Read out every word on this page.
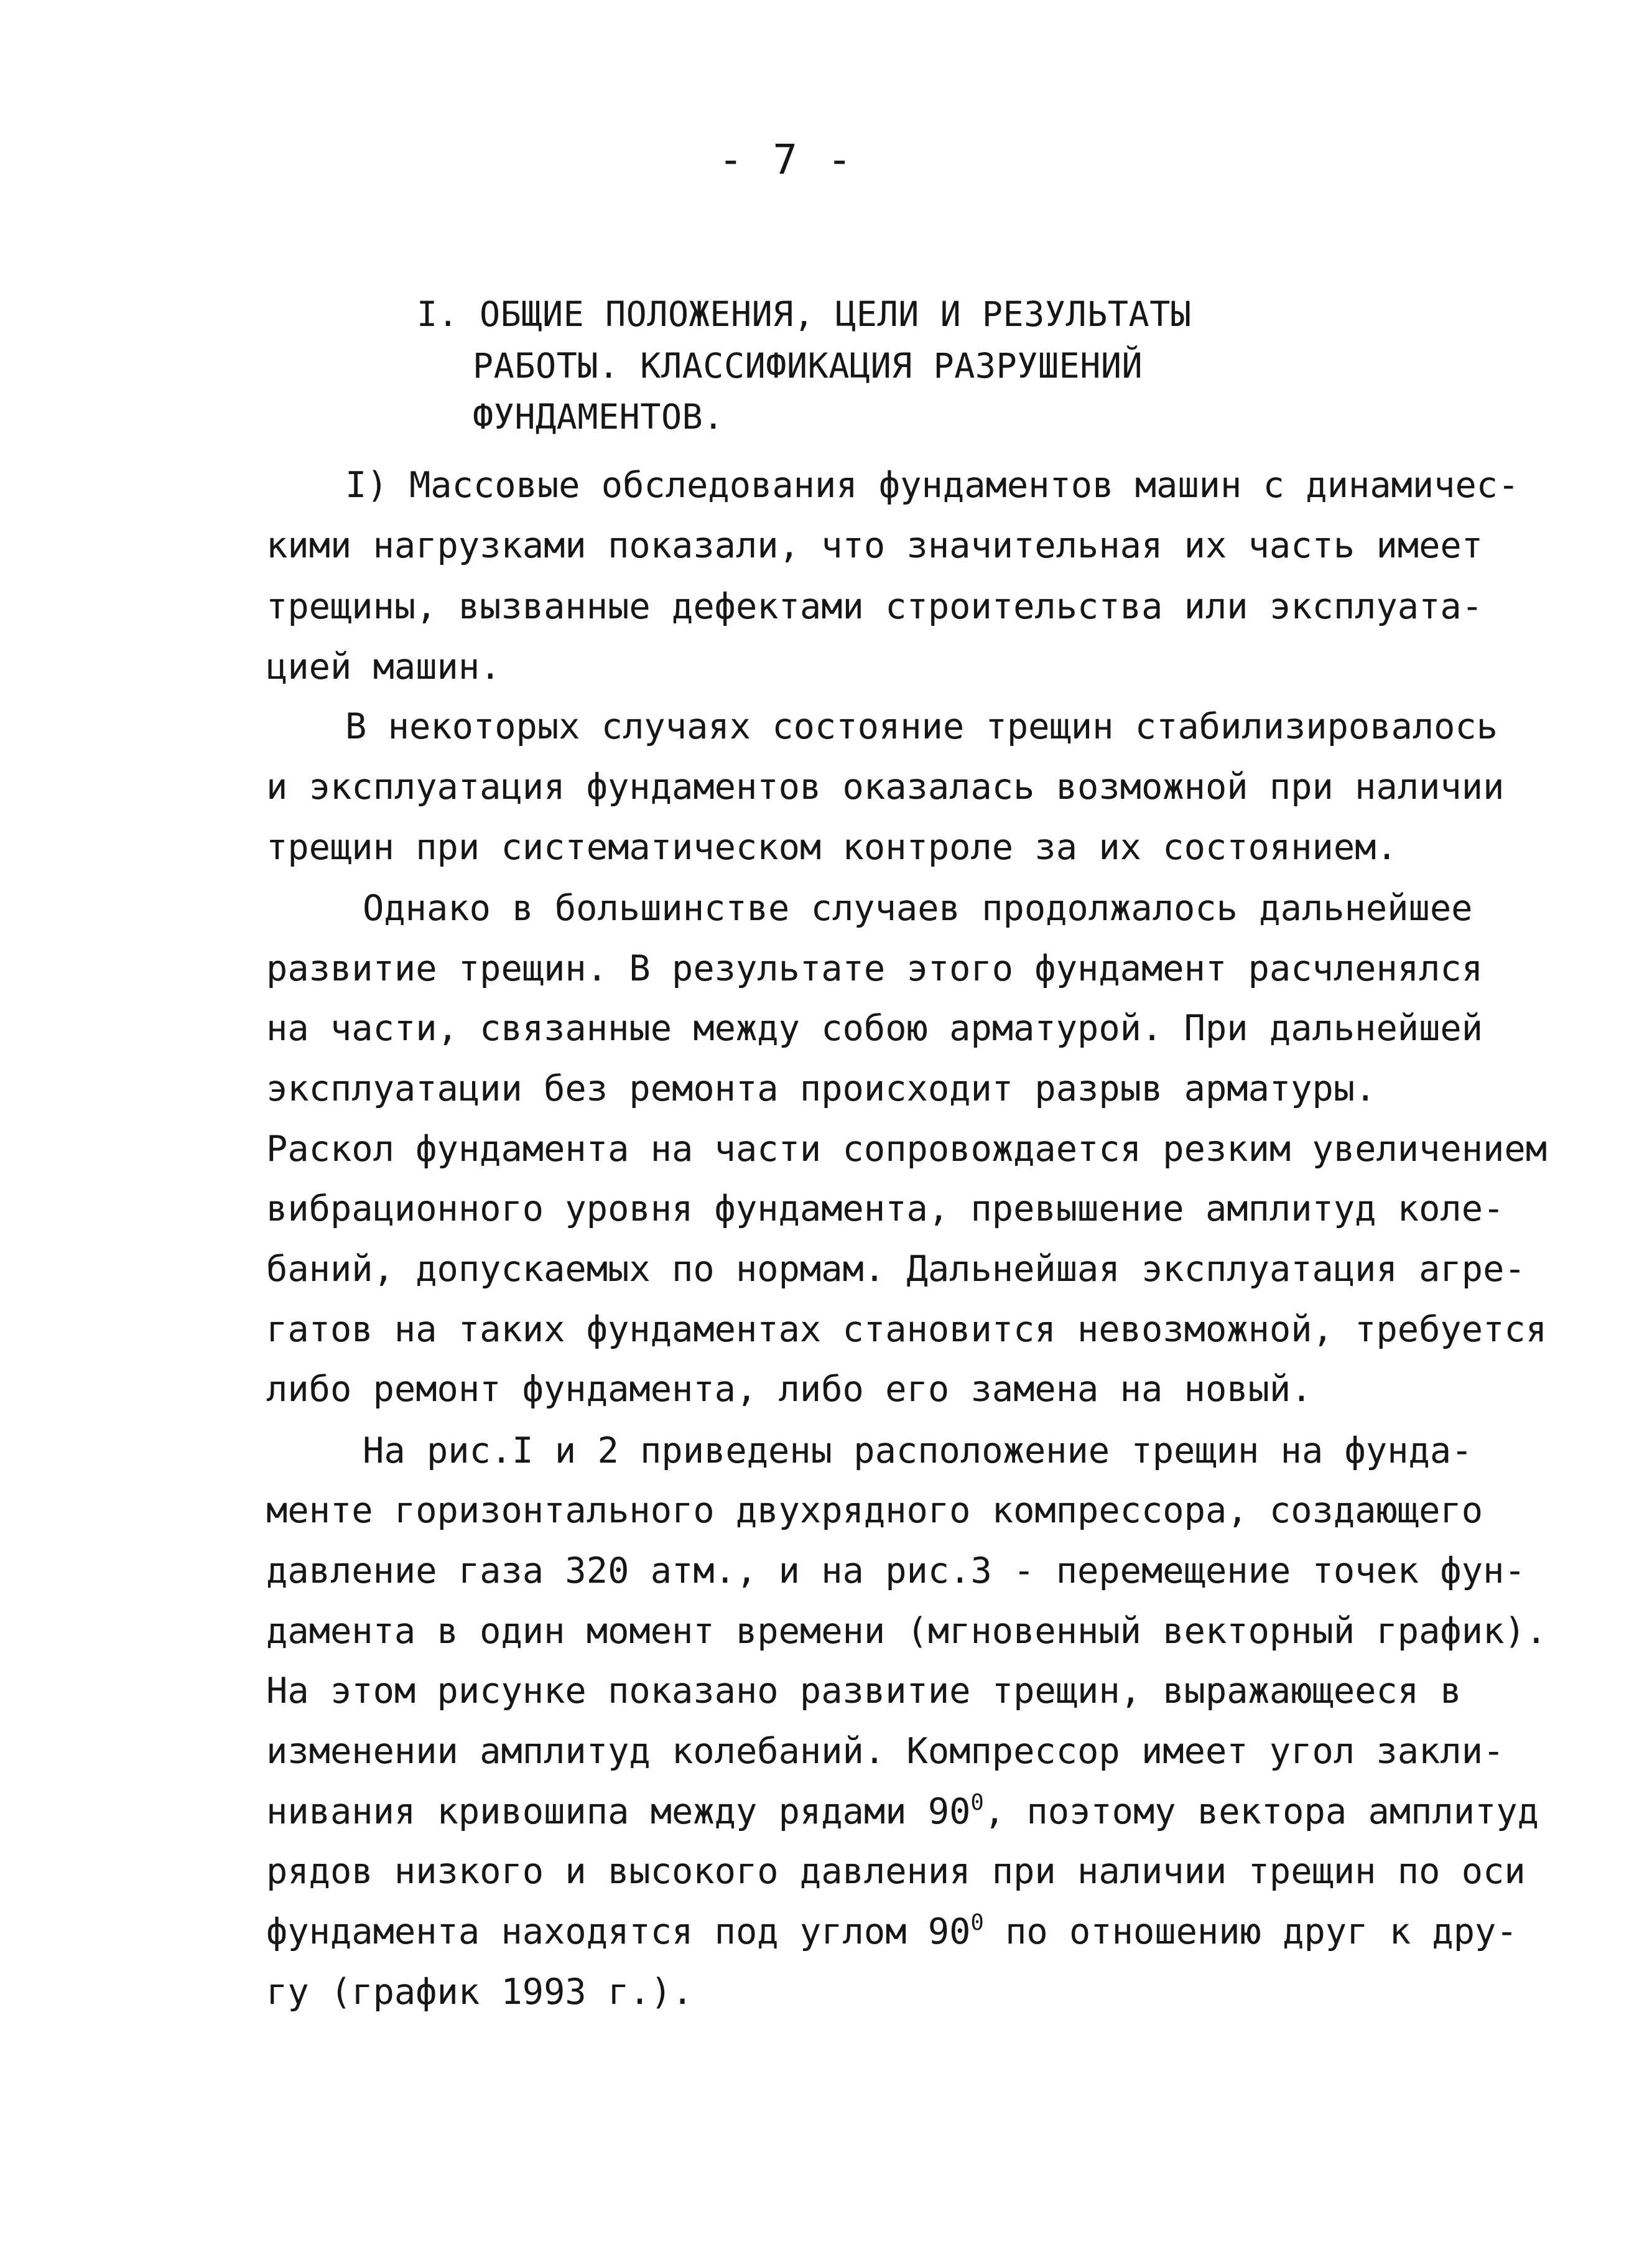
- 7 -
I. ОБЩИЕ ПОЛОЖЕНИЯ, ЦЕЛИ И РЕЗУЛЬТАТЫ
РАБОТЫ. КЛАССИФИКАЦИЯ РАЗРУШЕНИЙ
ФУНДАМЕНТОВ.
I) Массовые обследования фундаментов машин с динамичес-
кими нагрузками показали, что значительная их часть имеет
трещины, вызванные дефектами строительства или эксплуата-
цией машин.
В некоторых случаях состояние трещин стабилизировалось
и эксплуатация фундаментов оказалась возможной при наличии
трещин при систематическом контроле за их состоянием.
Однако в большинстве случаев продолжалось дальнейшее
развитие трещин. В результате этого фундамент расчленялся
на части, связанные между собою арматурой. При дальнейшей
эксплуатации без ремонта происходит разрыв арматуры.
Раскол фундамента на части сопровождается резким увеличением
вибрационного уровня фундамента, превышение амплитуд коле-
баний, допускаемых по нормам. Дальнейшая эксплуатация агре-
гатов на таких фундаментах становится невозможной, требуется
либо ремонт фундамента, либо его замена на новый.
На рис.I и 2 приведены расположение трещин на фунда-
менте горизонтального двухрядного компрессора, создающего
давление газа 320 атм., и на рис.3 - перемещение точек фун-
дамента в один момент времени (мгновенный векторный график).
На этом рисунке показано развитие трещин, выражающееся в
изменении амплитуд колебаний. Компрессор имеет угол закли-
нивания кривошипа между рядами $90^0$, поэтому вектора амплитуд
рядов низкого и высокого давления при наличии трещин по оси
фундамента находятся под углом $90^0$ по отношению друг к дру-
гу (график 1993 г.).
